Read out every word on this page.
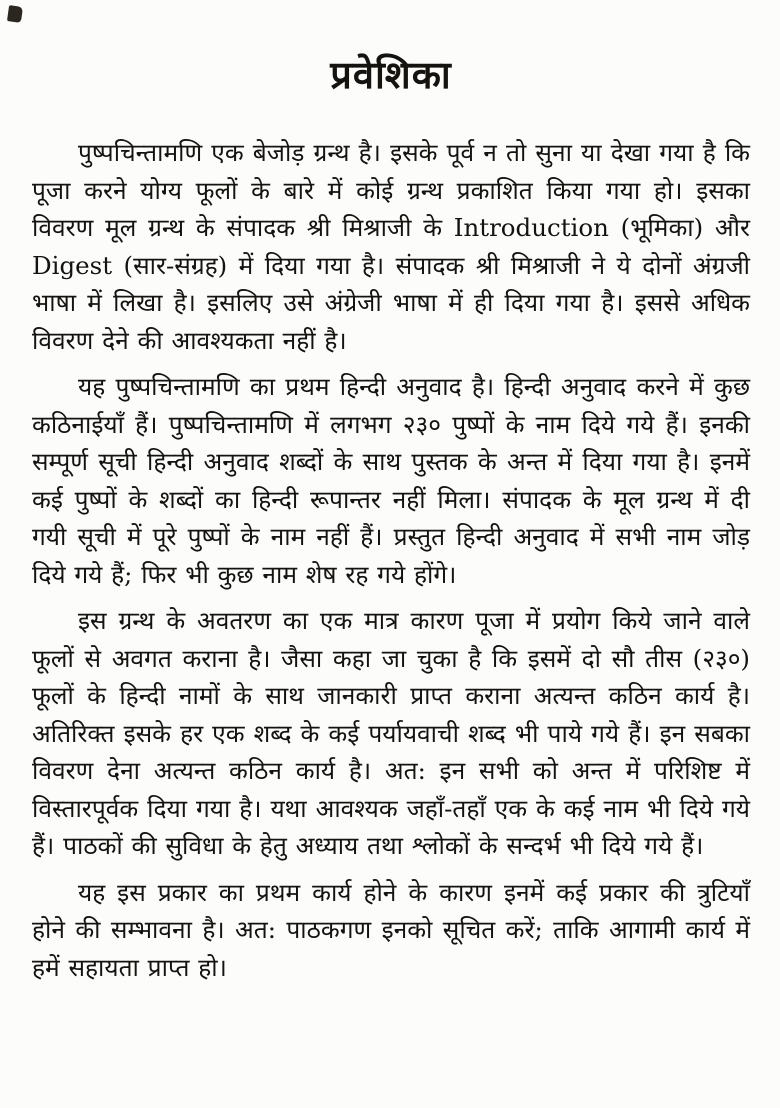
प्रवेशिका

पुष्पचिन्तामणि एक बेजोड़ ग्रन्थ है। इसके पूर्व न तो सुना या देखा गया है कि पूजा करने योग्य फूलों के बारे में कोई ग्रन्थ प्रकाशित किया गया हो। इसका विवरण मूल ग्रन्थ के संपादक श्री मिश्राजी के Introduction (भूमिका) और Digest (सार-संग्रह) में दिया गया है। संपादक श्री मिश्राजी ने ये दोनों अंग्रजी भाषा में लिखा है। इसलिए उसे अंग्रेजी भाषा में ही दिया गया है। इससे अधिक विवरण देने की आवश्यकता नहीं है।

यह पुष्पचिन्तामणि का प्रथम हिन्दी अनुवाद है। हिन्दी अनुवाद करने में कुछ कठिनाईयाँ हैं। पुष्पचिन्तामणि में लगभग २३० पुष्पों के नाम दिये गये हैं। इनकी सम्पूर्ण सूची हिन्दी अनुवाद शब्दों के साथ पुस्तक के अन्त में दिया गया है। इनमें कई पुष्पों के शब्दों का हिन्दी रूपान्तर नहीं मिला। संपादक के मूल ग्रन्थ में दी गयी सूची में पूरे पुष्पों के नाम नहीं हैं। प्रस्तुत हिन्दी अनुवाद में सभी नाम जोड़ दिये गये हैं; फिर भी कुछ नाम शेष रह गये होंगे।

इस ग्रन्थ के अवतरण का एक मात्र कारण पूजा में प्रयोग किये जाने वाले फूलों से अवगत कराना है। जैसा कहा जा चुका है कि इसमें दो सौ तीस (२३०) फूलों के हिन्दी नामों के साथ जानकारी प्राप्त कराना अत्यन्त कठिन कार्य है। अतिरिक्त इसके हर एक शब्द के कई पर्यायवाची शब्द भी पाये गये हैं। इन सबका विवरण देना अत्यन्त कठिन कार्य है। अत: इन सभी को अन्त में परिशिष्ट में विस्तारपूर्वक दिया गया है। यथा आवश्यक जहाँ-तहाँ एक के कई नाम भी दिये गये हैं। पाठकों की सुविधा के हेतु अध्याय तथा श्लोकों के सन्दर्भ भी दिये गये हैं।

यह इस प्रकार का प्रथम कार्य होने के कारण इनमें कई प्रकार की त्रुटियाँ होने की सम्भावना है। अत: पाठकगण इनको सूचित करें; ताकि आगामी कार्य में हमें सहायता प्राप्त हो।
